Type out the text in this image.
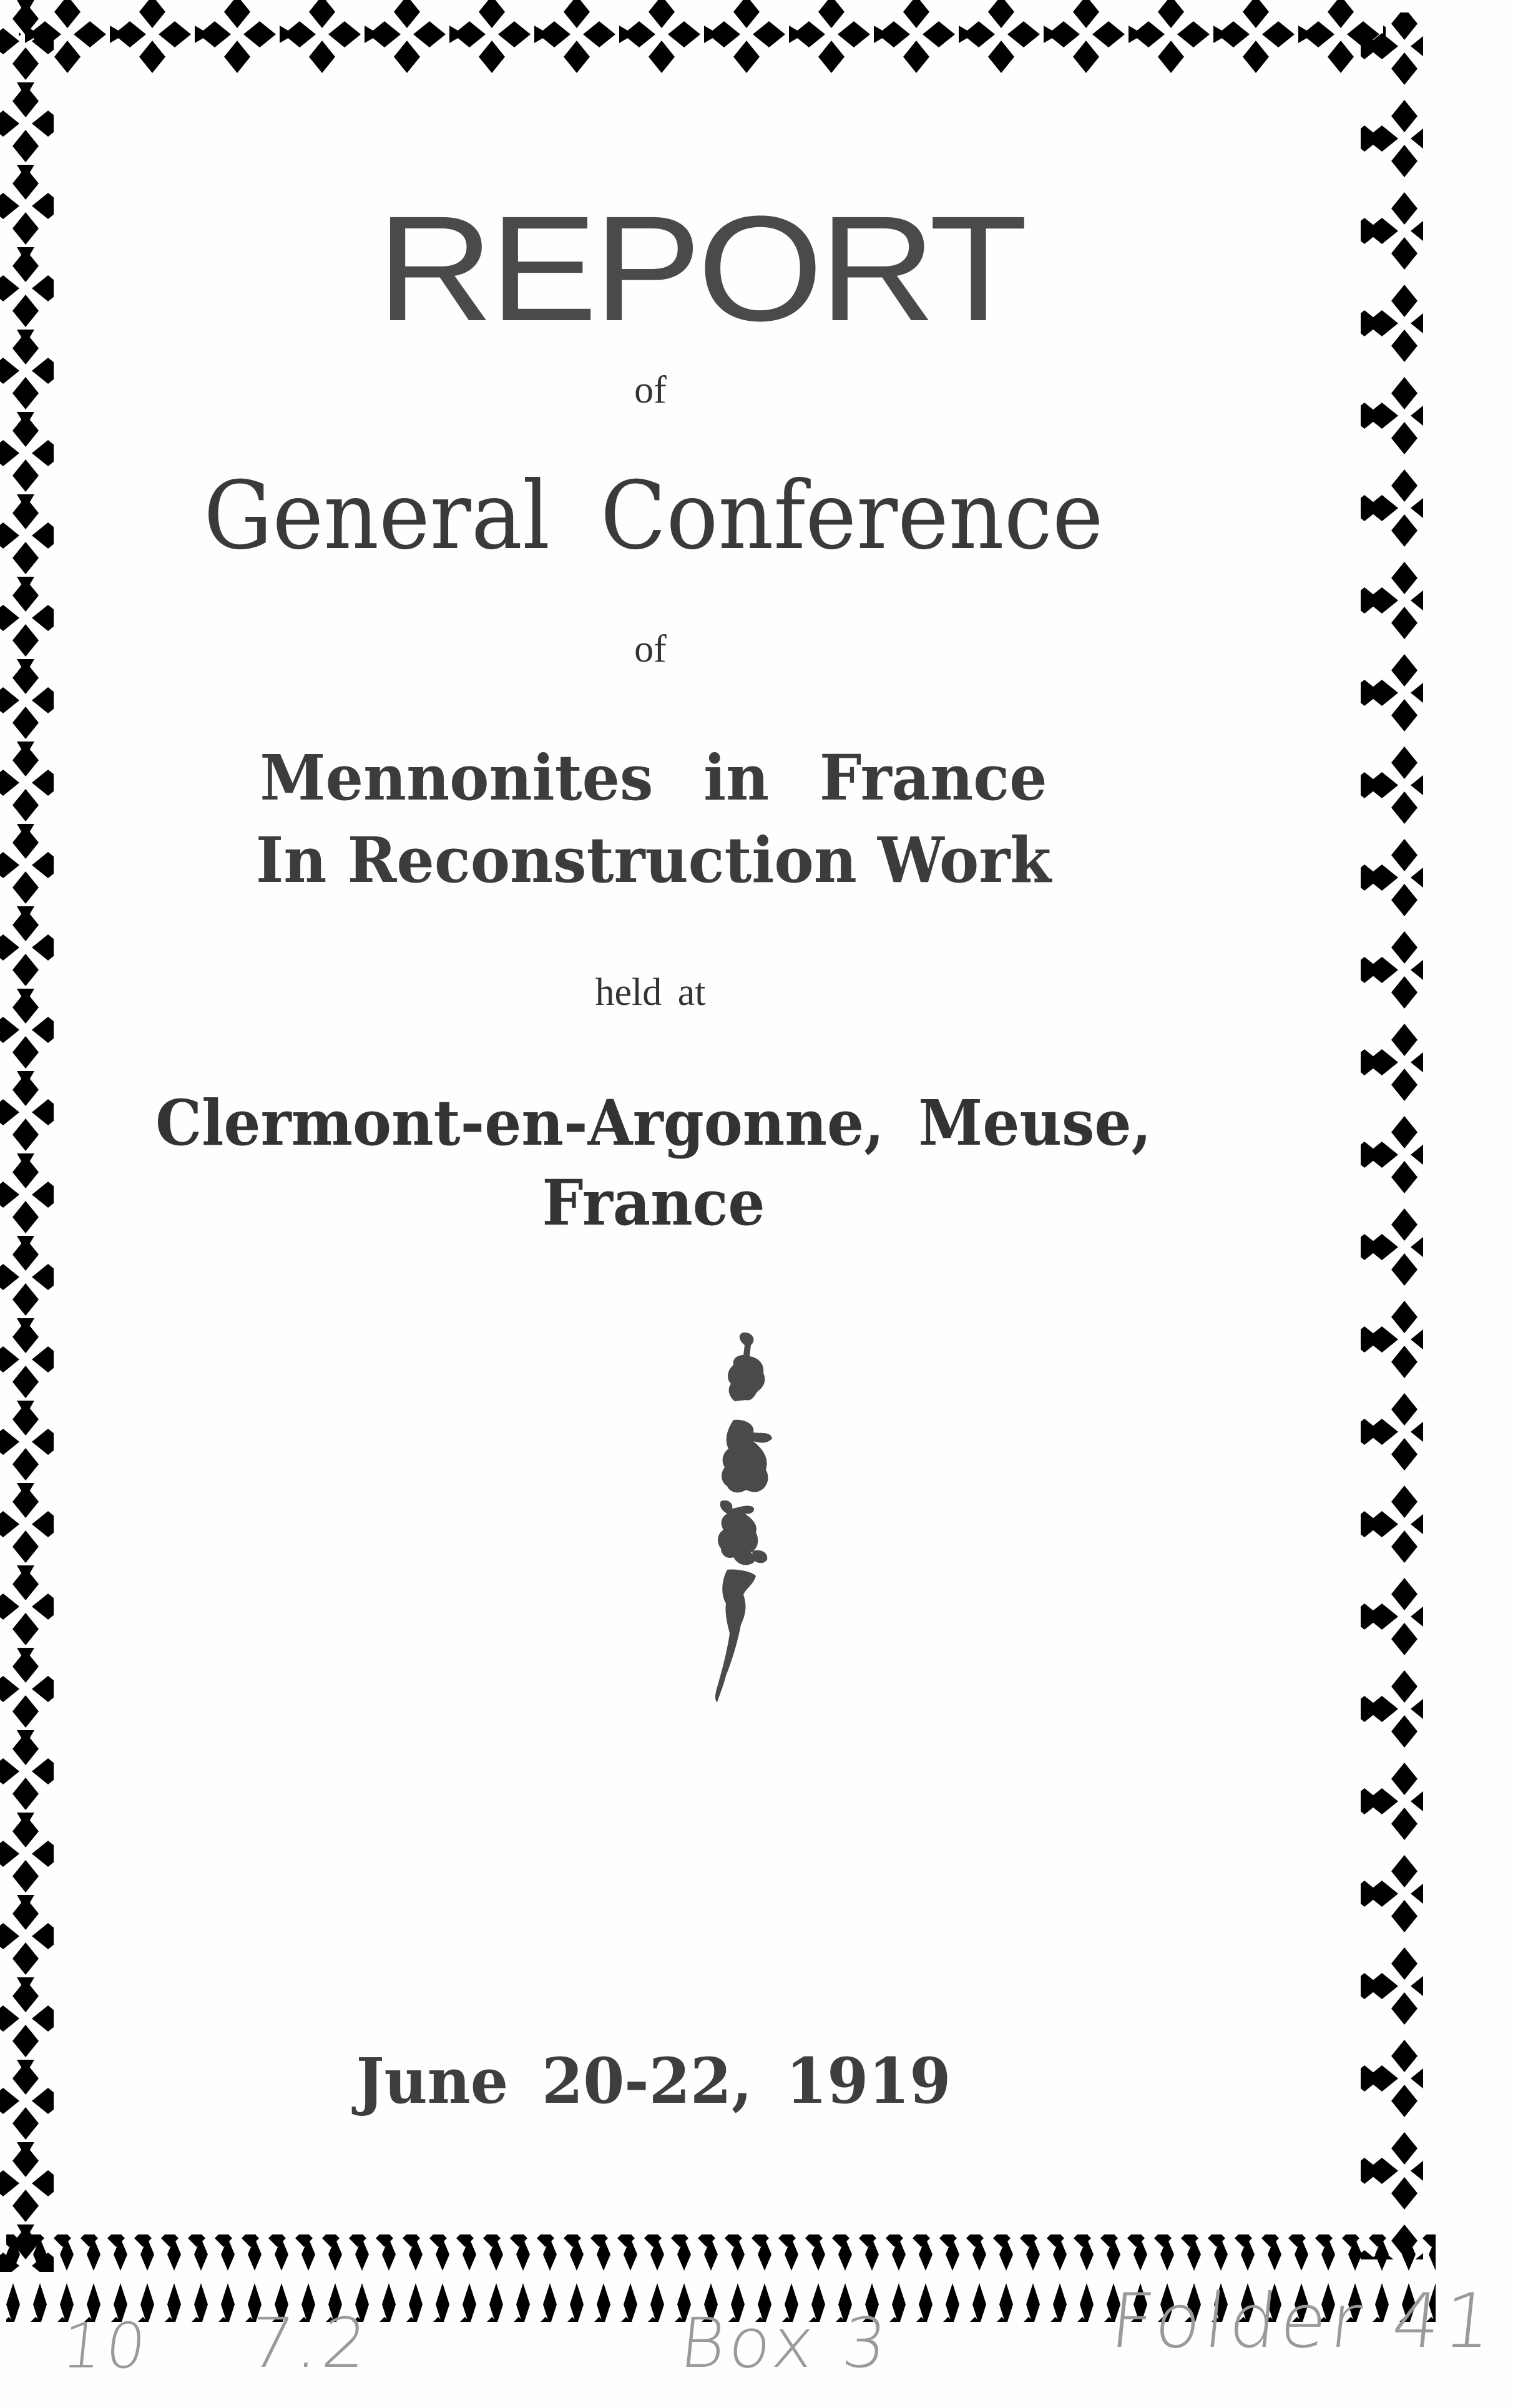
REPORT
of
General Conference
of
Mennonites in France
In Reconstruction Work
held at
Clermont-en-Argonne, Meuse,
France
June 20-22, 1919
10 7.2	Box 3	Folder 41
